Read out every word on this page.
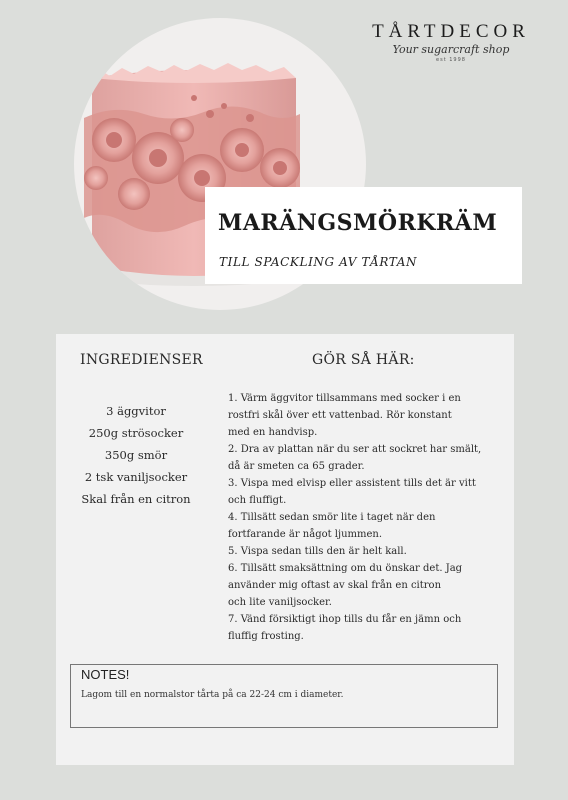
TÅRTDECOR
Your sugarcraft shop
est 1998
MARÄNGSMÖRKRÄM
TILL SPACKLING AV TÅRTAN
INGREDIENSER	GÖR SÅ HÄR:
3 äggvitor
250g strösocker
350g smör
2 tsk vaniljsocker
Skal från en citron
1. Värm äggvitor tillsammans med socker i en
rostfri skål över ett vattenbad. Rör konstant
med en handvisp.
2. Dra av plattan när du ser att sockret har smält,
då är smeten ca 65 grader.
3. Vispa med elvisp eller assistent tills det är vitt
och fluffigt.
4. Tillsätt sedan smör lite i taget när den
fortfarande är något ljummen.
5. Vispa sedan tills den är helt kall.
6. Tillsätt smaksättning om du önskar det. Jag
använder mig oftast av skal från en citron
och lite vaniljsocker.
7. Vänd försiktigt ihop tills du får en jämn och
fluffig frosting.
NOTES!
Lagom till en normalstor tårta på ca 22-24 cm i diameter.
